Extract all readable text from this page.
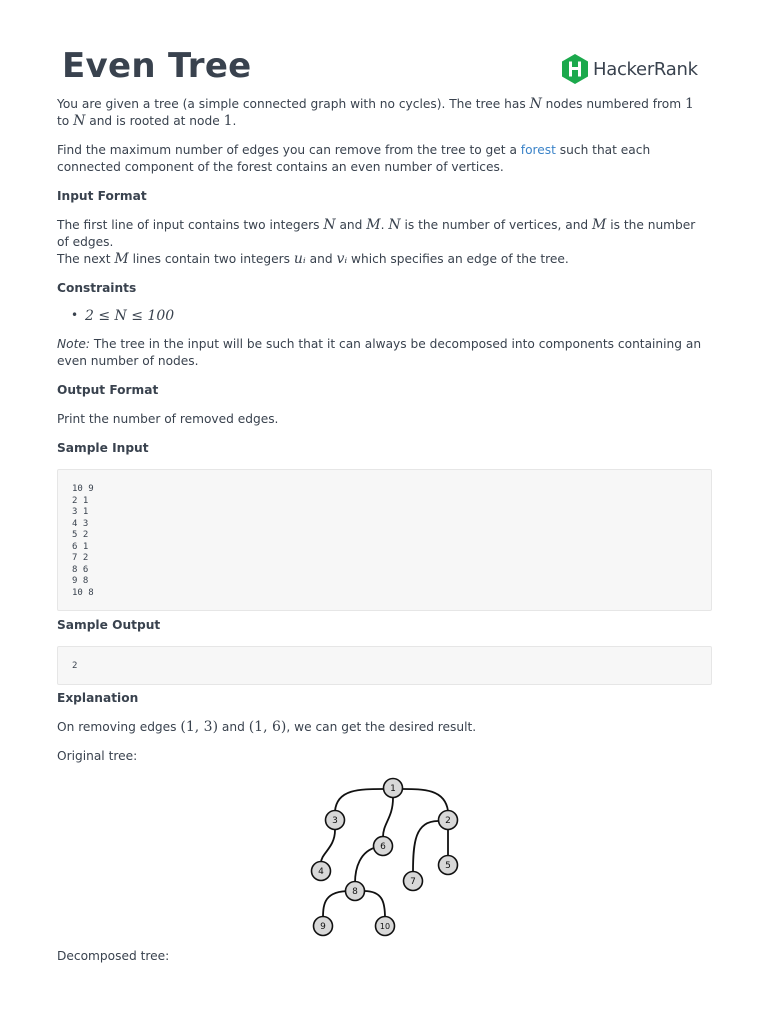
Even Tree	HackerRank

You are given a tree (a simple connected graph with no cycles). The tree has N nodes numbered from 1
to N and is rooted at node 1.

Find the maximum number of edges you can remove from the tree to get a forest such that each
connected component of the forest contains an even number of vertices.

Input Format

The first line of input contains two integers N and M. N is the number of vertices, and M is the number
of edges.
The next M lines contain two integers uᵢ and vᵢ which specifies an edge of the tree.

Constraints

• 2 ≤ N ≤ 100

Note: The tree in the input will be such that it can always be decomposed into components containing an
even number of nodes.

Output Format

Print the number of removed edges.

Sample Input

10 9
2 1
3 1
4 3
5 2
6 1
7 2
8 6
9 8
10 8

Sample Output

2

Explanation

On removing edges (1, 3) and (1, 6), we can get the desired result.

Original tree:

Decomposed tree:

1
3	2
6
5
4
7
8
9	10
